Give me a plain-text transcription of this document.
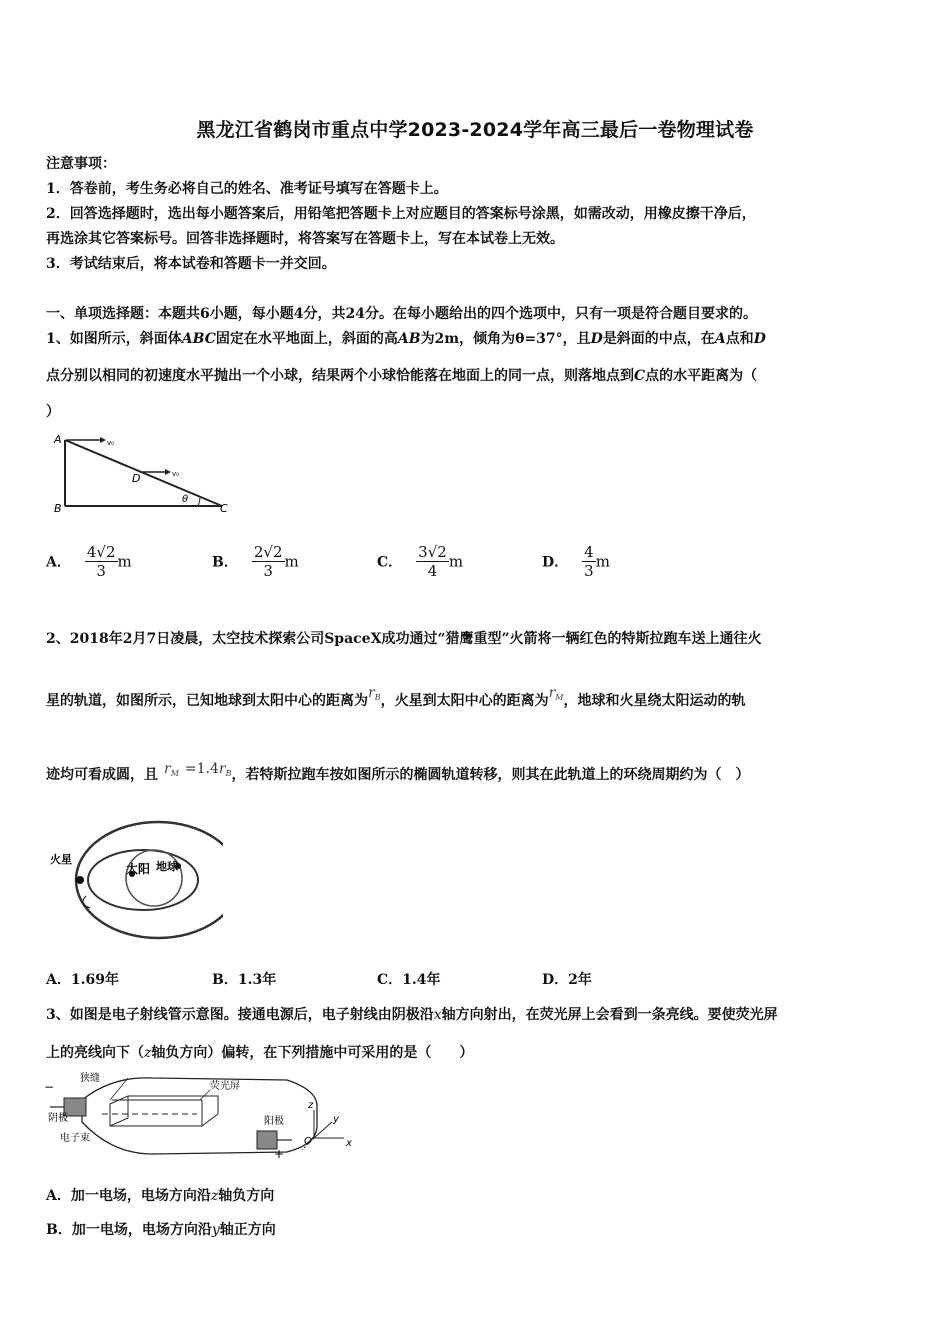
黑龙江省鹤岗市重点中学2023-2024学年高三最后一卷物理试卷
注意事项：
1．答卷前，考生务必将自己的姓名、准考证号填写在答题卡上。
2．回答选择题时，选出每小题答案后，用铅笔把答题卡上对应题目的答案标号涂黑，如需改动，用橡皮擦干净后，
再选涂其它答案标号。回答非选择题时，将答案写在答题卡上，写在本试卷上无效。
3．考试结束后，将本试卷和答题卡一并交回。
一、单项选择题：本题共6小题，每小题4分，共24分。在每小题给出的四个选项中，只有一项是符合题目要求的。
1、如图所示，斜面体ABC固定在水平地面上，斜面的高AB为2m，倾角为θ=37°，且D是斜面的中点，在A点和D
点分别以相同的初速度水平抛出一个小球，结果两个小球恰能落在地面上的同一点，则落地点到C点的水平距离为（
）
A
B	C
D
θ
v₀
v₀
A． $\frac{4√2}{3}$ m	B． $\frac{2√2}{3}$ m	C． $\frac{3√2}{4}$ m	D． $\frac{4}{3}$ m
2、2018年2月7日凌晨，太空技术探索公司SpaceX成功通过“猎鹰重型”火箭将一辆红色的特斯拉跑车送上通往火
星的轨道，如图所示，已知地球到太阳中心的距离为$r^B$，火星到太阳中心的距离为$r^M$，地球和火星绕太阳运动的轨
迹均可看成圆，且 $r^M =1.4r^B$，若特斯拉跑车按如图所示的椭圆轨道转移，则其在此轨道上的环绕周期约为（　）
火星
太阳 地球
A．1.69年	B．1.3年	C．1.4年	D．2年
3、如图是电子射线管示意图。接通电源后，电子射线由阴极沿x轴方向射出，在荧光屏上会看到一条亮线。要使荧光屏
上的亮线向下（z轴负方向）偏转，在下列措施中可采用的是（　　）
狭缝
荧光屏
阴极
电子束
阳极
−
+
O	x
y
z
A．加一电场，电场方向沿z轴负方向
B．加一电场，电场方向沿y轴正方向
